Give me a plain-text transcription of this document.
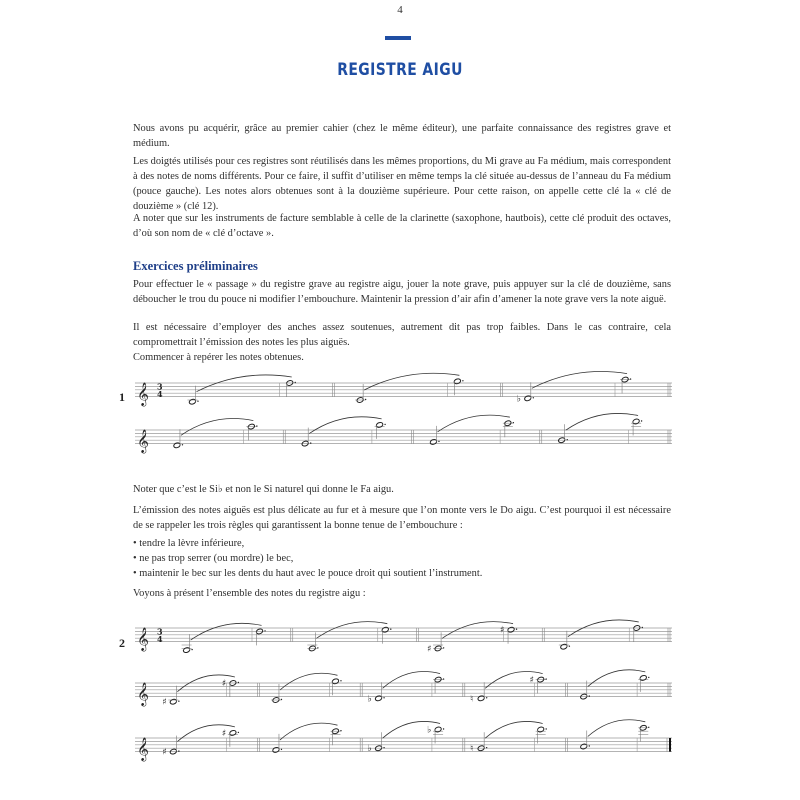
4
REGISTRE AIGU

Nous avons pu acquérir, grâce au premier cahier (chez le même éditeur), une parfaite connaissance des registres grave et médium.

Les doigtés utilisés pour ces registres sont réutilisés dans les mêmes proportions, du Mi grave au Fa médium, mais correspondent à des notes de noms différents. Pour ce faire, il suffit d’utiliser en même temps la clé située au-dessus de l’anneau du Fa médium (pouce gauche). Les notes alors obtenues sont à la douzième supérieure. Pour cette raison, on appelle cette clé la « clé de douzième » (clé 12).

A noter que sur les instruments de facture semblable à celle de la clarinette (saxophone, hautbois), cette clé produit des octaves, d’où son nom de « clé d’octave ».

Exercices préliminaires

Pour effectuer le « passage » du registre grave au registre aigu, jouer la note grave, puis appuyer sur la clé de douzième, sans déboucher le trou du pouce ni modifier l’embouchure. Maintenir la pression d’air afin d’amener la note grave vers la note aiguë.

Il est nécessaire d’employer des anches assez soutenues, autrement dit pas trop faibles. Dans le cas contraire, cela compromettrait l’émission des notes les plus aiguës.

Commencer à repérer les notes obtenues.

Noter que c’est le Si♭ et non le Si naturel qui donne le Fa aigu.

L’émission des notes aiguës est plus délicate au fur et à mesure que l’on monte vers le Do aigu. C’est pourquoi il est nécessaire de se rappeler les trois règles qui garantissent la bonne tenue de l’embouchure :

• tendre la lèvre inférieure,

• ne pas trop serrer (ou mordre) le bec,

• maintenir le bec sur les dents du haut avec le pouce droit qui soutient l’instrument.

Voyons à présent l’ensemble des notes du registre aigu :

1
2
𝄞 3
4
♭
𝄞
𝄞 3
4
♯
♯
𝄞 ♯
♯
♭	♮
♯
𝄞 ♯
♯
♭
♭
♮
